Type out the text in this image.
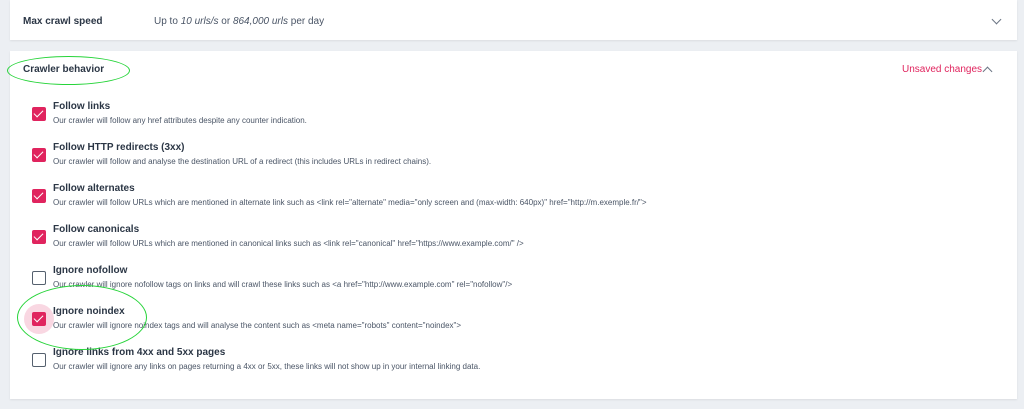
Max crawl speed	Up to 10 urls/s or 864,000 urls per day
Crawler behavior	Unsaved changes
Follow links
Our crawler will follow any href attributes despite any counter indication.
Follow HTTP redirects (3xx)
Our crawler will follow and analyse the destination URL of a redirect (this includes URLs in redirect chains).
Follow alternates
Our crawler will follow URLs which are mentioned in alternate link such as <link rel="alternate" media="only screen and (max-width: 640px)" href="http://m.exemple.fr/">
Follow canonicals
Our crawler will follow URLs which are mentioned in canonical links such as <link rel="canonical" href="https://www.example.com/" />
Ignore nofollow
Our crawler will ignore nofollow tags on links and will crawl these links such as <a href="http://www.example.com" rel="nofollow"/>
Ignore noindex
Our crawler will ignore noindex tags and will analyse the content such as <meta name="robots" content="noindex">
Ignore links from 4xx and 5xx pages
Our crawler will ignore any links on pages returning a 4xx or 5xx, these links will not show up in your internal linking data.
